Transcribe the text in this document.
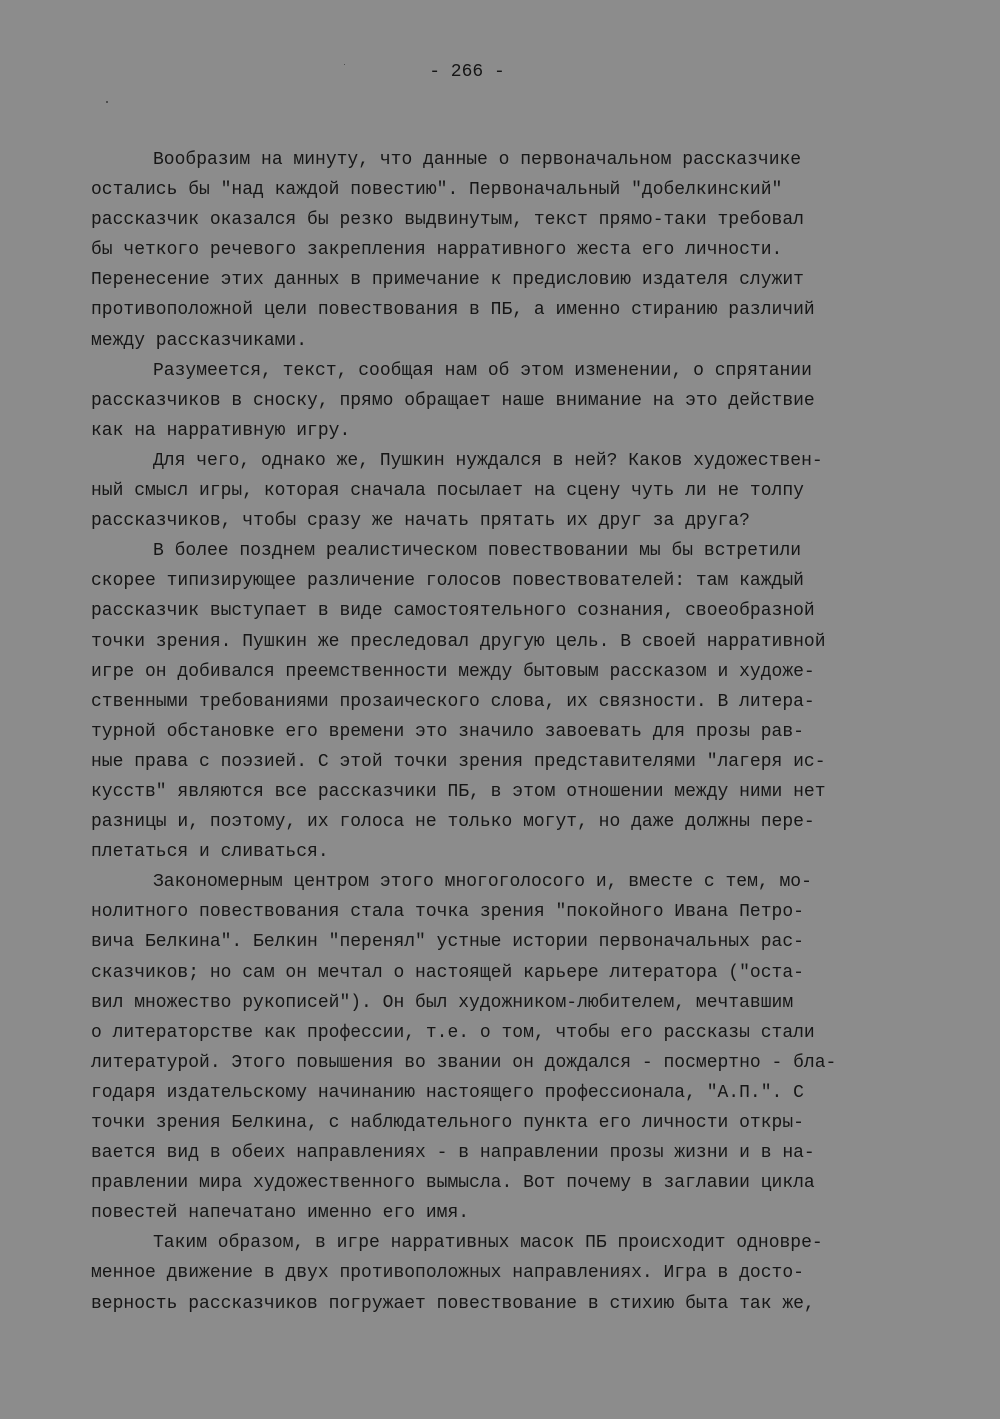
- 266 -
Вообразим на минуту, что данные о первоначальном рассказчике
остались бы "над каждой повестию". Первоначальный "добелкинский"
рассказчик оказался бы резко выдвинутым, текст прямо-таки требовал
бы четкого речевого закрепления нарративного жеста его личности.
Перенесение этих данных в примечание к предисловию издателя служит
противоположной цели повествования в ПБ, а именно стиранию различий
между рассказчиками.
Разумеется, текст, сообщая нам об этом изменении, о спрятании
рассказчиков в сноску, прямо обращает наше внимание на это действие
как на нарративную игру.
Для чего, однако же, Пушкин нуждался в ней? Каков художествен-
ный смысл игры, которая сначала посылает на сцену чуть ли не толпу
рассказчиков, чтобы сразу же начать прятать их друг за друга?
В более позднем реалистическом повествовании мы бы встретили
скорее типизирующее различение голосов повествователей: там каждый
рассказчик выступает в виде самостоятельного сознания, своеобразной
точки зрения. Пушкин же преследовал другую цель. В своей нарративной
игре он добивался преемственности между бытовым рассказом и художе-
ственными требованиями прозаического слова, их связности. В литера-
турной обстановке его времени это значило завоевать для прозы рав-
ные права с поэзией. С этой точки зрения представителями "лагеря ис-
кусств" являются все рассказчики ПБ, в этом отношении между ними нет
разницы и, поэтому, их голоса не только могут, но даже должны пере-
плетаться и сливаться.
Закономерным центром этого многоголосого и, вместе с тем, мо-
нолитного повествования стала точка зрения "покойного Ивана Петро-
вича Белкина". Белкин "перенял" устные истории первоначальных рас-
сказчиков; но сам он мечтал о настоящей карьере литератора ("оста-
вил множество рукописей"). Он был художником-любителем, мечтавшим
о литераторстве как профессии, т.е. о том, чтобы его рассказы стали
литературой. Этого повышения во звании он дождался - посмертно - бла-
годаря издательскому начинанию настоящего профессионала, "А.П.". С
точки зрения Белкина, с наблюдательного пункта его личности откры-
вается вид в обеих направлениях - в направлении прозы жизни и в на-
правлении мира художественного вымысла. Вот почему в заглавии цикла
повестей напечатано именно его имя.
Таким образом, в игре нарративных масок ПБ происходит одновре-
менное движение в двух противоположных направлениях. Игра в досто-
верность рассказчиков погружает повествование в стихию быта так же,
